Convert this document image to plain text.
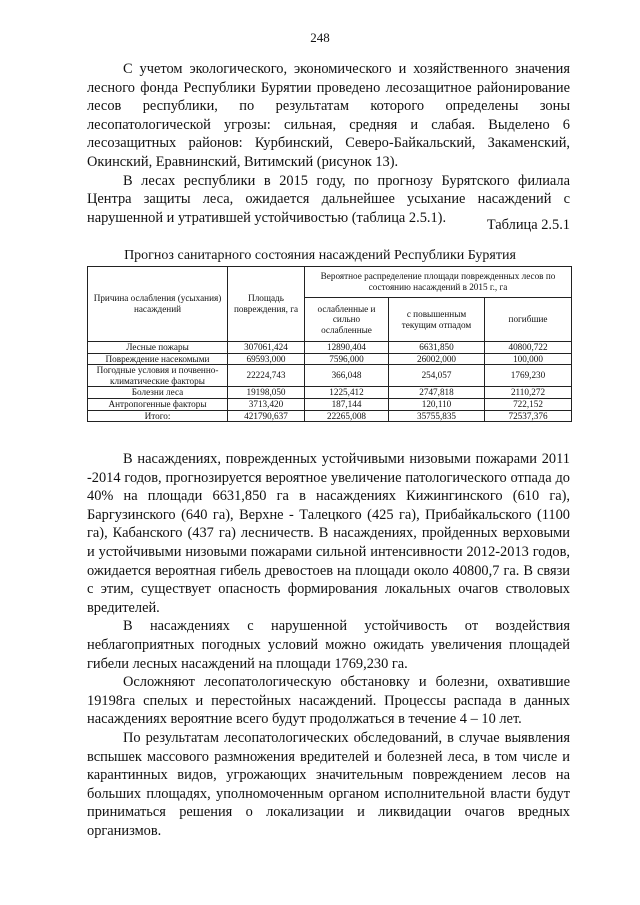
248

С учетом экологического, экономического и хозяйственного значения лесного фонда Республики Бурятии проведено лесозащитное районирование лесов республики, по результатам которого определены зоны лесопатологической угрозы: сильная, средняя и слабая. Выделено 6 лесозащитных районов: Курбинский, Северо-Байкальский, Закаменский, Окинский, Еравнинский, Витимский (рисунок 13).

В лесах республики в 2015 году, по прогнозу Бурятского филиала Центра защиты леса, ожидается дальнейшее усыхание насаждений с нарушенной и утратившей устойчивостью (таблица 2.5.1).	Таблица 2.5.1
Прогноз санитарного состояния насаждений Республики Бурятия
Причина ослабления (усыхания) насаждений	Площадь повреждения, га	Вероятное распределение площади поврежденных лесов по состоянию насаждений в 2015 г., га		
		ослабленные и сильно ослабленные	с повышенным текущим отпадом	погибшие
Лесные пожары	307061,424	12890,404	6631,850	40800,722
Повреждение насекомыми	69593,000	7596,000	26002,000	100,000
Погодные условия и почвенно- климатические факторы	22224,743	366,048	254,057	1769,230
Болезни леса	19198,050	1225,412	2747,818	2110,272
Антропогенные факторы	3713,420	187,144	120,110	722,152
Итого:	421790,637	22265,008	35755,835	72537,376

В насаждениях, поврежденных устойчивыми низовыми пожарами 2011 -2014 годов, прогнозируется вероятное увеличение патологического отпада до 40% на площади 6631,850 га в насаждениях Кижингинского (610 га), Баргузинского (640 га), Верхне - Талецкого (425 га), Прибайкальского (1100 га), Кабанского (437 га) лесничеств. В насаждениях, пройденных верховыми и устойчивыми низовыми пожарами сильной интенсивности 2012-2013 годов, ожидается вероятная гибель древостоев на площади около 40800,7 га. В связи с этим, существует опасность формирования локальных очагов стволовых вредителей.

В насаждениях с нарушенной устойчивость от воздействия неблагоприятных погодных условий можно ожидать увеличения площадей гибели лесных насаждений на площади 1769,230 га.

Осложняют лесопатологическую обстановку и болезни, охватившие 19198га спелых и перестойных насаждений. Процессы распада в данных насаждениях вероятние всего будут продолжаться в течение 4 – 10 лет.

По результатам лесопатологических обследований, в случае выявления вспышек массового размножения вредителей и болезней леса, в том числе и карантинных видов, угрожающих значительным повреждением лесов на больших площадях, уполномоченным органом исполнительной власти будут приниматься решения о локализации и ликвидации очагов вредных организмов.
